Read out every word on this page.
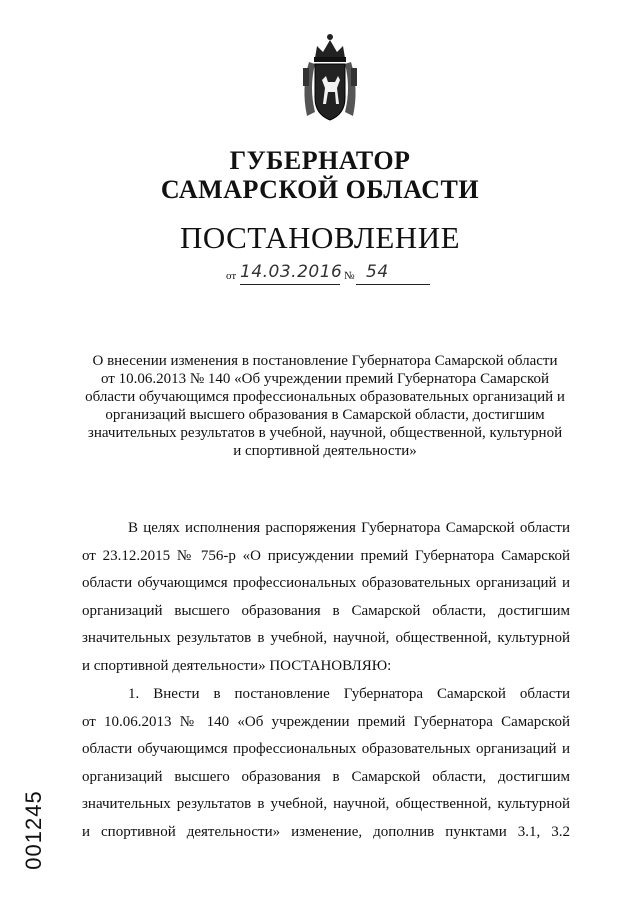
ГУБЕРНАТОР
САМАРСКОЙ ОБЛАСТИ
ПОСТАНОВЛЕНИЕ
от 14.03.2016 № 54
О внесении изменения в постановление Губернатора Самарской области
от 10.06.2013 № 140 «Об учреждении премий Губернатора Самарской
области обучающимся профессиональных образовательных организаций и
организаций высшего образования в Самарской области, достигшим
значительных результатов в учебной, научной, общественной, культурной
и спортивной деятельности»
В целях исполнения распоряжения Губернатора Самарской области
от 23.12.2015 № 756-р «О присуждении премий Губернатора Самарской
области обучающимся профессиональных образовательных организаций и
организаций высшего образования в Самарской области, достигшим
значительных результатов в учебной, научной, общественной, культурной
и спортивной деятельности» ПОСТАНОВЛЯЮ:
1. Внести в постановление Губернатора Самарской области
от 10.06.2013 № 140 «Об учреждении премий Губернатора Самарской
области обучающимся профессиональных образовательных организаций и
организаций высшего образования в Самарской области, достигшим
значительных результатов в учебной, научной, общественной, культурной
и спортивной деятельности» изменение, дополнив пунктами 3.1, 3.2
001245
